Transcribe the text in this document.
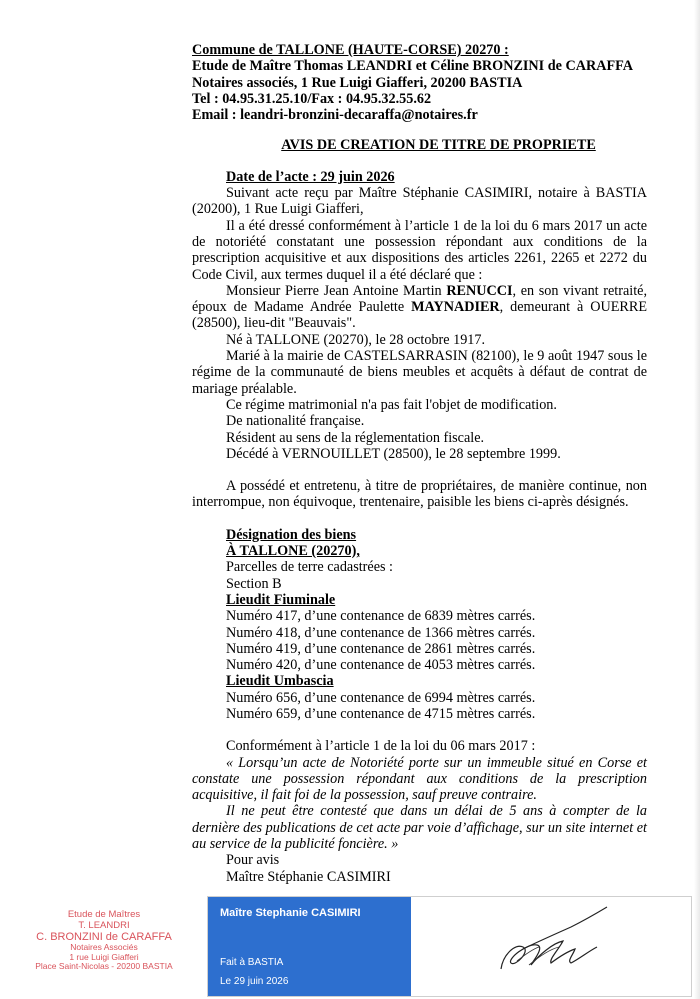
Commune de TALLONE (HAUTE-CORSE) 20270 :

Etude de Maître Thomas LEANDRI et Céline BRONZINI de CARAFFA

Notaires associés, 1 Rue Luigi Giafferi, 20200 BASTIA

Tel : 04.95.31.25.10/Fax : 04.95.32.55.62

Email : leandri-bronzini-decaraffa@notaires.fr

AVIS DE CREATION DE TITRE DE PROPRIETE

Date de l’acte : 29 juin 2026

Suivant acte reçu par Maître Stéphanie CASIMIRI, notaire à BASTIA (20200), 1 Rue Luigi Giafferi,

Il a été dressé conformément à l’article 1 de la loi du 6 mars 2017 un acte de notoriété constatant une possession répondant aux conditions de la prescription acquisitive et aux dispositions des articles 2261, 2265 et 2272 du Code Civil, aux termes duquel il a été déclaré que :

Monsieur Pierre Jean Antoine Martin RENUCCI, en son vivant retraité, époux de Madame Andrée Paulette MAYNADIER, demeurant à OUERRE (28500), lieu-dit "Beauvais".

Né à TALLONE (20270), le 28 octobre 1917.

Marié à la mairie de CASTELSARRASIN (82100), le 9 août 1947 sous le régime de la communauté de biens meubles et acquêts à défaut de contrat de mariage préalable.

Ce régime matrimonial n'a pas fait l'objet de modification.

De nationalité française.

Résident au sens de la réglementation fiscale.

Décédé à VERNOUILLET (28500), le 28 septembre 1999.

A possédé et entretenu, à titre de propriétaires, de manière continue, non interrompue, non équivoque, trentenaire, paisible les biens ci-après désignés.

Désignation des biens

À TALLONE (20270),

Parcelles de terre cadastrées :

Section B

Lieudit Fiuminale

Numéro 417, d’une contenance de 6839 mètres carrés.

Numéro 418, d’une contenance de 1366 mètres carrés.

Numéro 419, d’une contenance de 2861 mètres carrés.

Numéro 420, d’une contenance de 4053 mètres carrés.

Lieudit Umbascia

Numéro 656, d’une contenance de 6994 mètres carrés.

Numéro 659, d’une contenance de 4715 mètres carrés.

Conformément à l’article 1 de la loi du 06 mars 2017 :

« Lorsqu’un acte de Notoriété porte sur un immeuble situé en Corse et constate une possession répondant aux conditions de la prescription acquisitive, il fait foi de la possession, sauf preuve contraire.

Il ne peut être contesté que dans un délai de 5 ans à compter de la dernière des publications de cet acte par voie d’affichage, sur un site internet et au service de la publicité foncière. »

Pour avis

Maître Stéphanie CASIMIRI

Etude de Maîtres
T. LEANDRI
C. BRONZINI de CARAFFA
Notaires Associés
1 rue Luigi Giafferi
Place Saint-Nicolas - 20200 BASTIA
Maître Stephanie CASIMIRI
Fait à BASTIA
Le 29 juin 2026
